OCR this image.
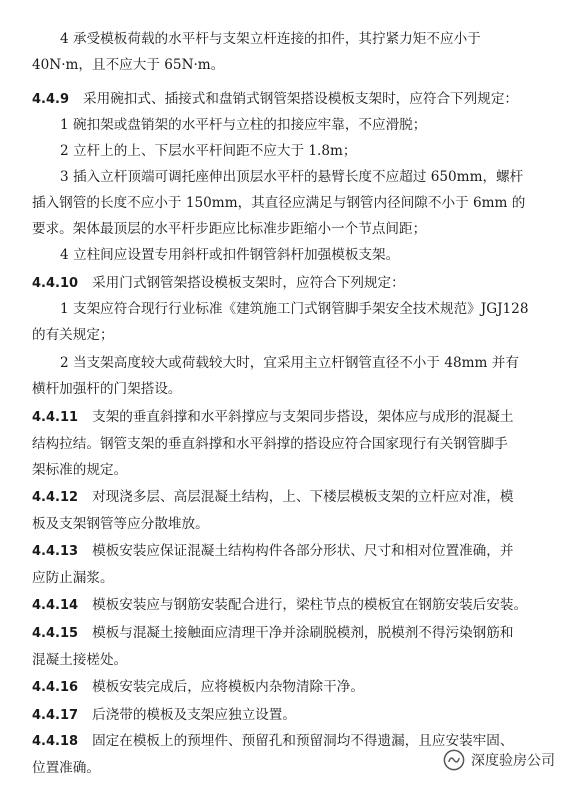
4 承受模板荷载的水平杆与支架立杆连接的扣件，其拧紧力矩不应小于
40N·m，且不应大于 65N·m。
4.4.9 采用碗扣式、插接式和盘销式钢管架搭设模板支架时，应符合下列规定：
1 碗扣架或盘销架的水平杆与立柱的扣接应牢靠，不应滑脱；
2 立杆上的上、下层水平杆间距不应大于 1.8m；
3 插入立杆顶端可调托座伸出顶层水平杆的悬臂长度不应超过 650mm，螺杆
插入钢管的长度不应小于 150mm，其直径应满足与钢管内径间隙不小于 6mm 的
要求。架体最顶层的水平杆步距应比标准步距缩小一个节点间距；
4 立柱间应设置专用斜杆或扣件钢管斜杆加强模板支架。
4.4.10 采用门式钢管架搭设模板支架时，应符合下列规定：
1 支架应符合现行行业标准《建筑施工门式钢管脚手架安全技术规范》JGJ128
的有关规定；
2 当支架高度较大或荷载较大时，宜采用主立杆钢管直径不小于 48mm 并有
横杆加强杆的门架搭设。
4.4.11 支架的垂直斜撑和水平斜撑应与支架同步搭设，架体应与成形的混凝土
结构拉结。钢管支架的垂直斜撑和水平斜撑的搭设应符合国家现行有关钢管脚手
架标准的规定。
4.4.12 对现浇多层、高层混凝土结构，上、下楼层模板支架的立杆应对准，模
板及支架钢管等应分散堆放。
4.4.13 模板安装应保证混凝土结构构件各部分形状、尺寸和相对位置准确，并
应防止漏浆。
4.4.14 模板安装应与钢筋安装配合进行，梁柱节点的模板宜在钢筋安装后安装。
4.4.15 模板与混凝土接触面应清理干净并涂刷脱模剂，脱模剂不得污染钢筋和
混凝土接槎处。
4.4.16 模板安装完成后，应将模板内杂物清除干净。
4.4.17 后浇带的模板及支架应独立设置。
4.4.18 固定在模板上的预埋件、预留孔和预留洞均不得遗漏，且应安装牢固、
位置准确。	深度验房公司
